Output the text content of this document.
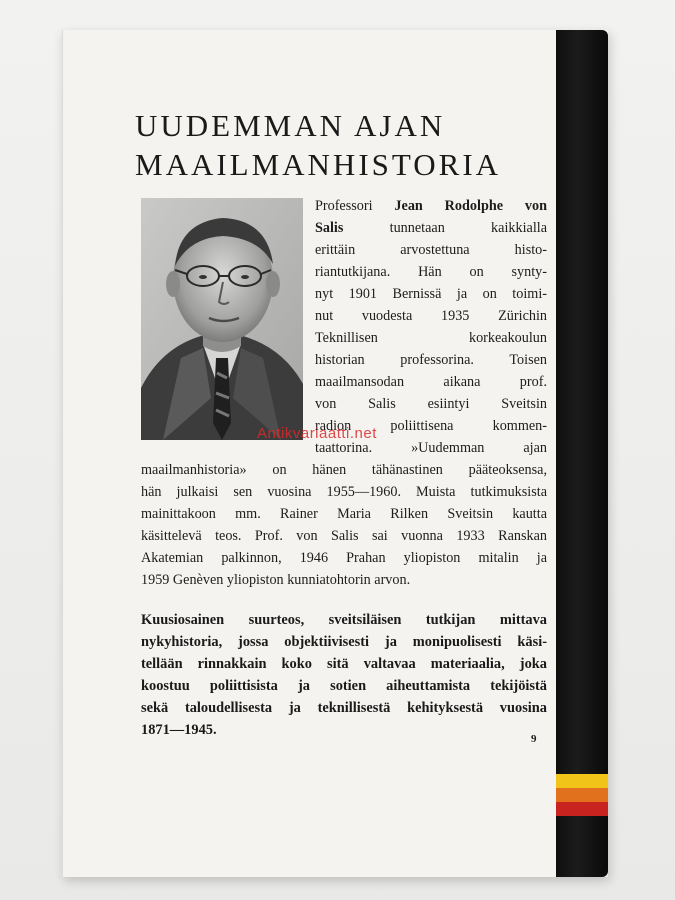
UUDEMMAN AJAN
MAAILMANHISTORIA
Professori Jean Rodolphe von
Salis tunnetaan kaikkialla
erittäin arvostettuna histo-
riantutkijana. Hän on synty-
nyt 1901 Bernissä ja on toimi-
nut vuodesta 1935 Zürichin
Teknillisen korkeakoulun
historian professorina. Toisen
maailmansodan aikana prof.
von Salis esiintyi Sveitsin
radion poliittisena kommen-
taattorina. »Uudemman ajan
maailmanhistoria» on hänen tähänastinen pääteoksensa,
hän julkaisi sen vuosina 1955—1960. Muista tutkimuksista
mainittakoon mm. Rainer Maria Rilken Sveitsin kautta
käsittelevä teos. Prof. von Salis sai vuonna 1933 Ranskan
Akatemian palkinnon, 1946 Prahan yliopiston mitalin ja
1959 Genèven yliopiston kunniatohtorin arvon.
Kuusiosainen suurteos, sveitsiläisen tutkijan mittava
nykyhistoria, jossa objektiivisesti ja monipuolisesti käsi-
tellään rinnakkain koko sitä valtavaa materiaalia, joka
koostuu poliittisista ja sotien aiheuttamista tekijöistä
sekä taloudellisesta ja teknillisestä kehityksestä vuosina
1871—1945.
9
Antikvariaatti.net
